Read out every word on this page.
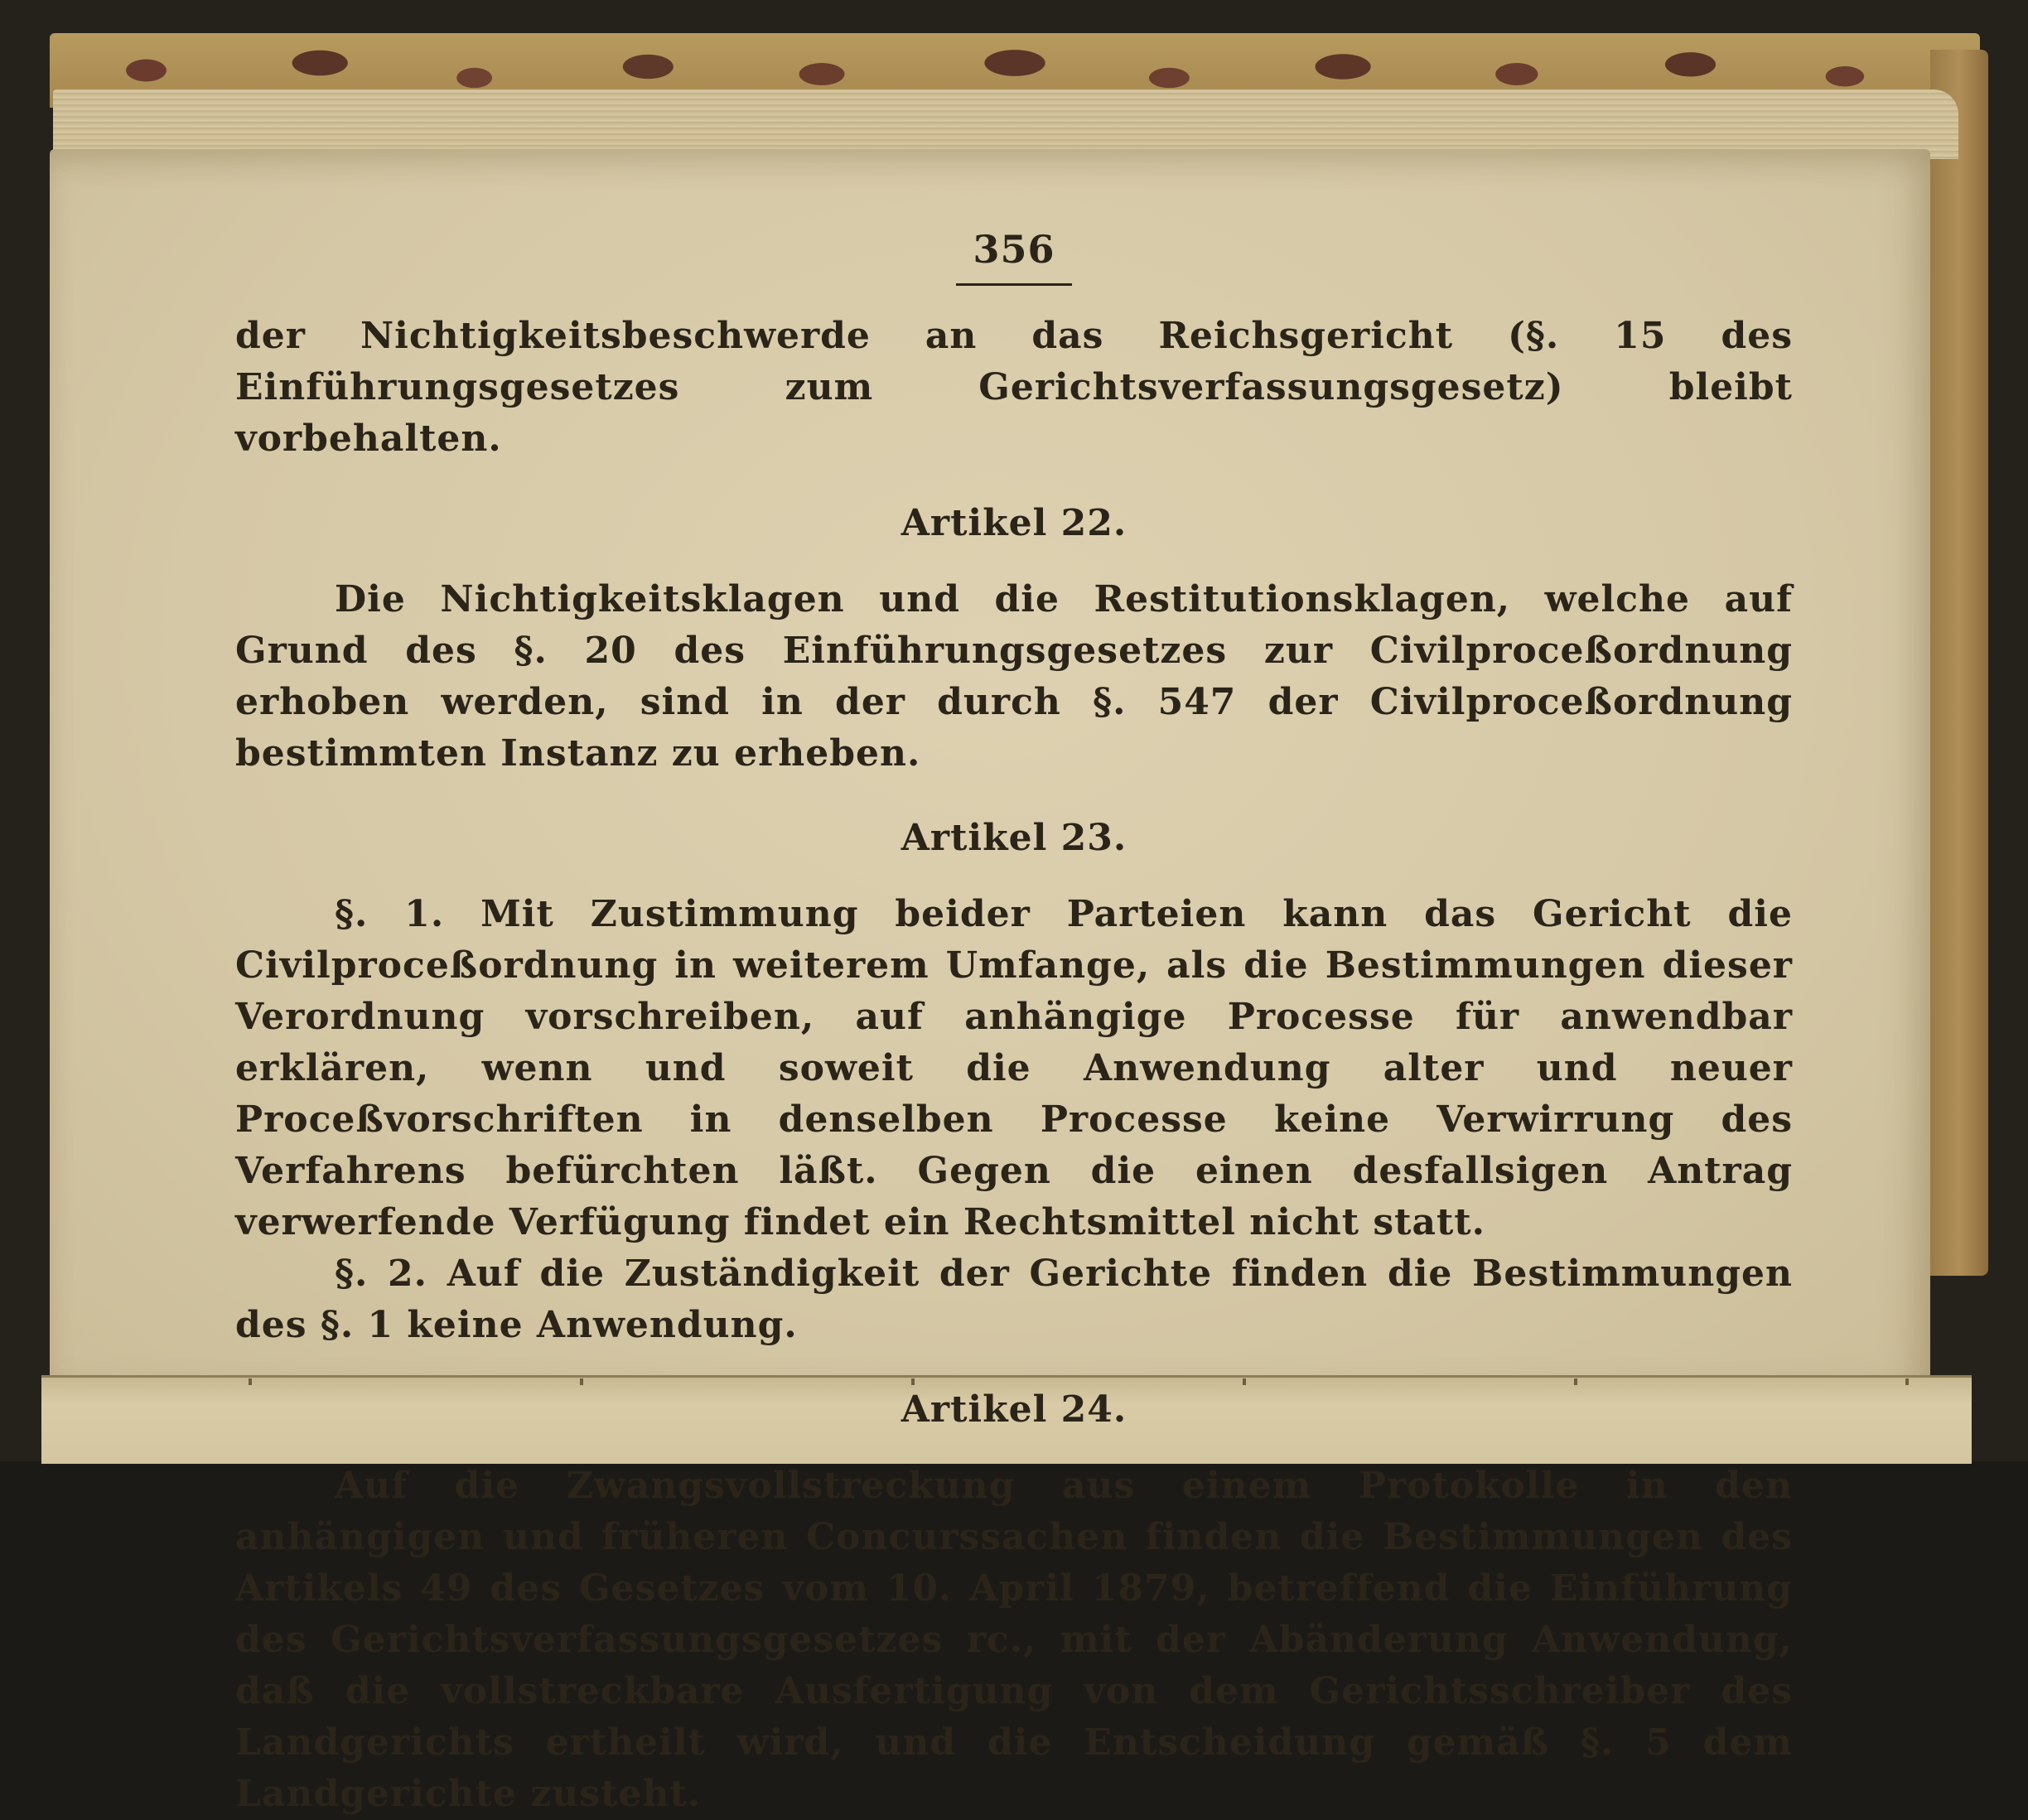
356

der Nichtigkeitsbeschwerde an das Reichsgericht (§. 15 des Einführungsgesetzes zum Gerichtsverfassungsgesetz) bleibt vorbehalten.

Artikel 22.

Die Nichtigkeitsklagen und die Restitutionsklagen, welche auf Grund des §. 20 des Einführungsgesetzes zur Civilproceßordnung erhoben werden, sind in der durch §. 547 der Civilproceßordnung bestimmten Instanz zu erheben.

Artikel 23.

§. 1. Mit Zustimmung beider Parteien kann das Gericht die Civilproceßordnung in weiterem Umfange, als die Bestimmungen dieser Verordnung vorschreiben, auf anhängige Processe für anwendbar erklären, wenn und soweit die Anwendung alter und neuer Proceßvorschriften in denselben Processe keine Verwirrung des Verfahrens befürchten läßt. Gegen die einen desfallsigen Antrag verwerfende Verfügung findet ein Rechtsmittel nicht statt.

§. 2. Auf die Zuständigkeit der Gerichte finden die Bestimmungen des §. 1 keine Anwendung.

Artikel 24.

Auf die Zwangsvollstreckung aus einem Protokolle in den anhängigen und früheren Concurssachen finden die Bestimmungen des Artikels 49 des Gesetzes vom 10. April 1879, betreffend die Einführung des Gerichtsverfassungsgesetzes rc., mit der Abänderung Anwendung, daß die vollstreckbare Ausfertigung von dem Gerichtsschreiber des Landgerichts ertheilt wird, und die Entscheidung gemäß §. 5 dem Landgerichte zusteht.
